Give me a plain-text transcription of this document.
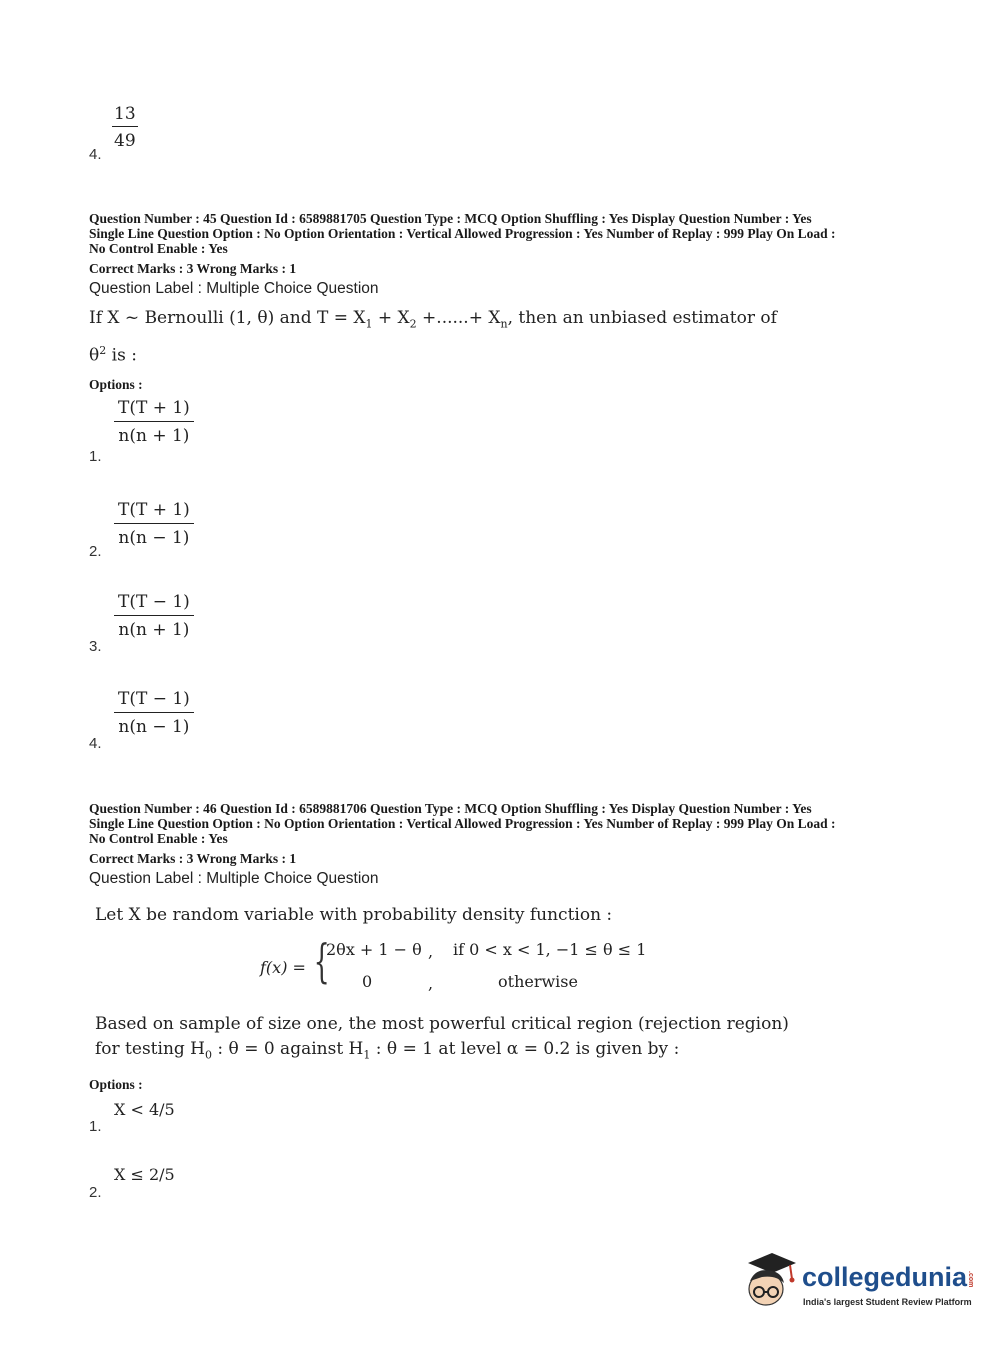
13
49
4.
Question Number : 45 Question Id : 6589881705 Question Type : MCQ Option Shuffling : Yes Display Question Number : Yes
Single Line Question Option : No Option Orientation : Vertical Allowed Progression : Yes Number of Replay : 999 Play On Load :
No Control Enable : Yes
Correct Marks : 3 Wrong Marks : 1
Question Label : Multiple Choice Question
If X ~ Bernoulli (1, θ) and $T = X_1 + X_2$ +......+ $X_n$, then an unbiased estimator of
$\theta^2$ is :
Options :
$\frac{T(T + 1)}{n(n + 1)}$
1.
$\frac{T(T + 1)}{n(n - 1)}$
2.
$\frac{T(T - 1)}{n(n + 1)}$
3.
$\frac{T(T - 1)}{n(n - 1)}$
4.
Question Number : 46 Question Id : 6589881706 Question Type : MCQ Option Shuffling : Yes Display Question Number : Yes
Single Line Question Option : No Option Orientation : Vertical Allowed Progression : Yes Number of Replay : 999 Play On Load :
No Control Enable : Yes
Correct Marks : 3 Wrong Marks : 1
Question Label : Multiple Choice Question
Let X be random variable with probability density function :
f(x) = {
2θx + 1 − θ , if 0 < x < 1, −1 ≤ θ ≤ 1
0	,	otherwise
Based on sample of size one, the most powerful critical region (rejection region)
for testing $H_0$ : θ = 0 against $H_1$ : θ = 1 at level α = 0.2 is given by :
Options :
X < 4/5
1.
X ≤ 2/5
2.
collegedunia.com
India's largest Student Review Platform
